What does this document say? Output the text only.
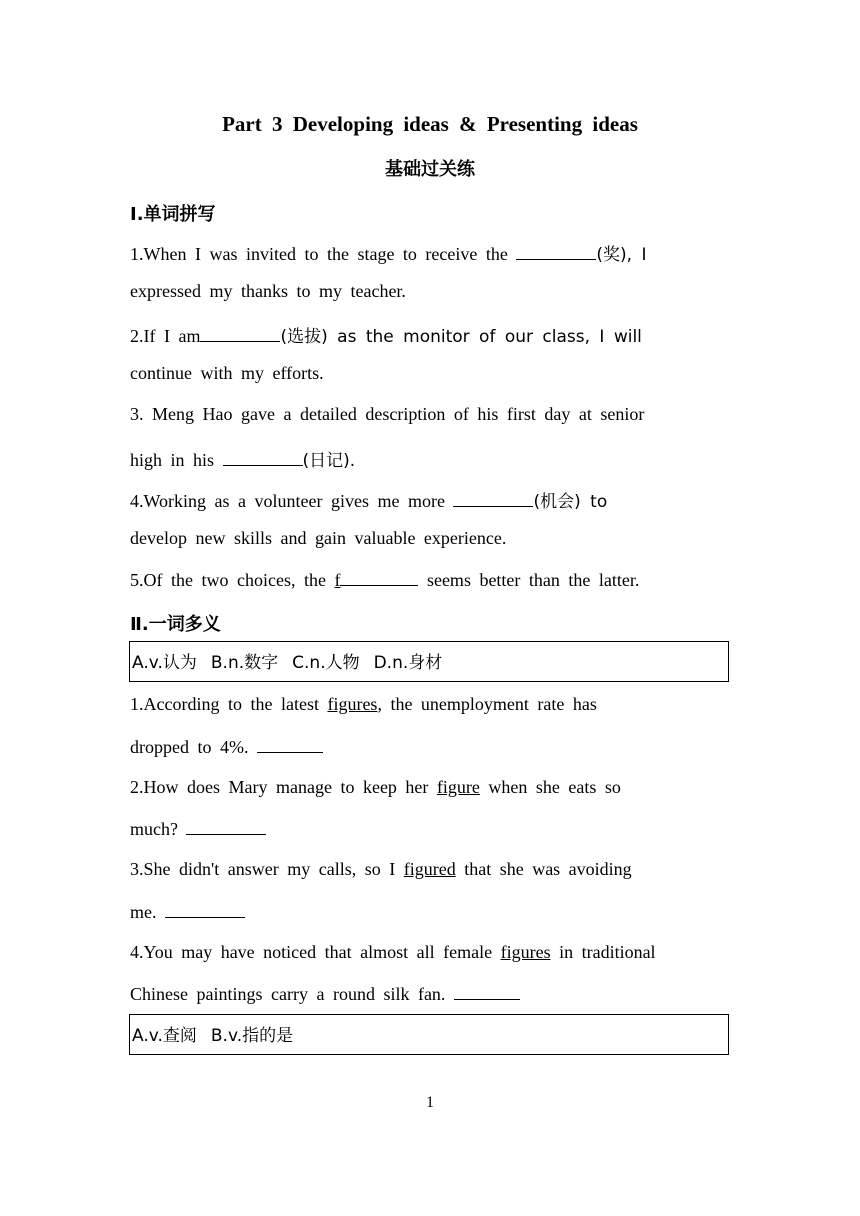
Part 3 Developing ideas & Presenting ideas
基础过关练
Ⅰ.单词拼写
1.When I was invited to the stage to receive the	(奖), I
expressed my thanks to my teacher.
2.If I am	(选拔) as the monitor of our class, I will
continue with my efforts.
3. Meng Hao gave a detailed description of his first day at senior
high in his	(日记).
4.Working as a volunteer gives me more	(机会) to
develop new skills and gain valuable experience.
5.Of the two choices, the f	seems better than the latter.
Ⅱ.一词多义
A.v.认为 B.n.数字 C.n.人物 D.n.身材
1.According to the latest figures, the unemployment rate has
dropped to 4%.
2.How does Mary manage to keep her figure when she eats so
much?
3.She didn't answer my calls, so I figured that she was avoiding
me.
4.You may have noticed that almost all female figures in traditional
Chinese paintings carry a round silk fan.
A.v.查阅 B.v.指的是
1
